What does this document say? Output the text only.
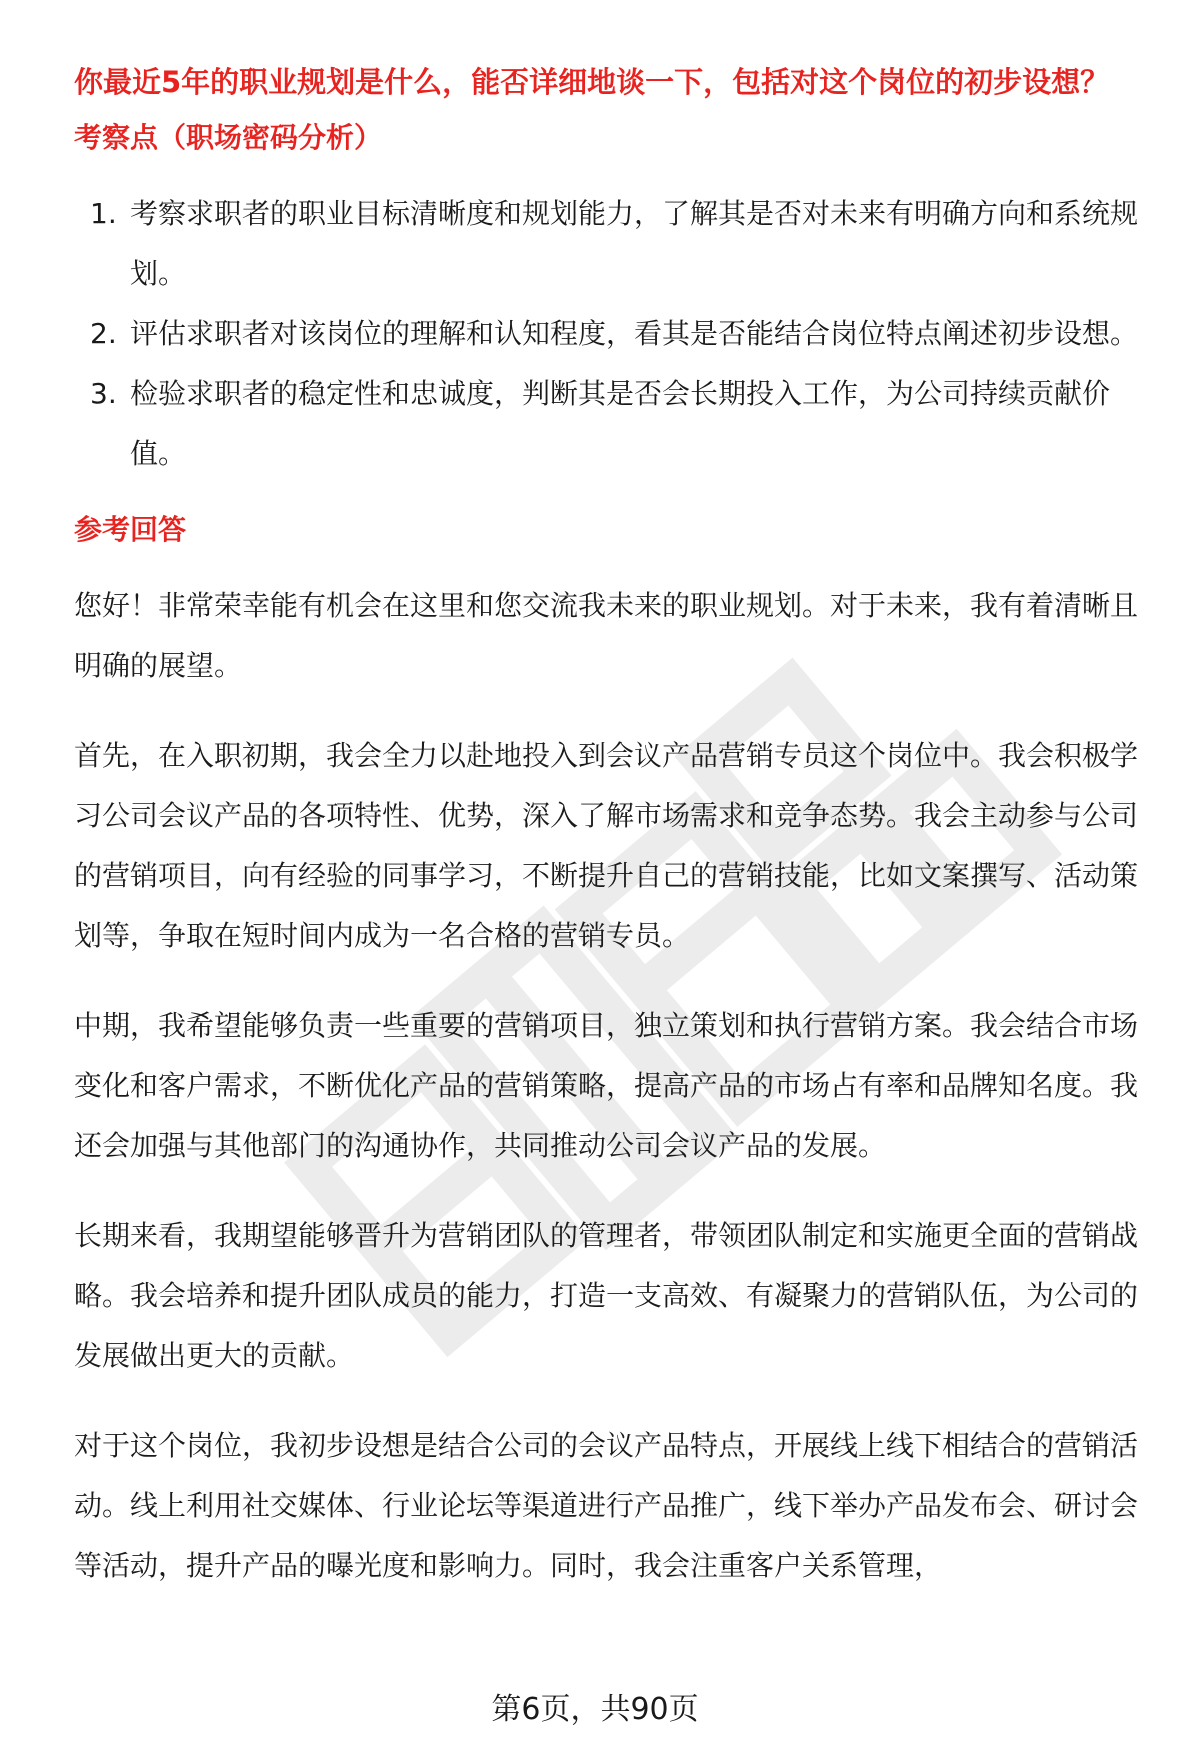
你最近5年的职业规划是什么，能否详细地谈一下，包括对这个岗位的初步设想？

考察点（职场密码分析）

1. 考察求职者的职业目标清晰度和规划能力，了解其是否对未来有明确方向和系统规划。
2. 评估求职者对该岗位的理解和认知程度，看其是否能结合岗位特点阐述初步设想。
3. 检验求职者的稳定性和忠诚度，判断其是否会长期投入工作，为公司持续贡献价值。

参考回答

您好！非常荣幸能有机会在这里和您交流我未来的职业规划。对于未来，我有着清晰且明确的展望。

首先，在入职初期，我会全力以赴地投入到会议产品营销专员这个岗位中。我会积极学习公司会议产品的各项特性、优势，深入了解市场需求和竞争态势。我会主动参与公司的营销项目，向有经验的同事学习，不断提升自己的营销技能，比如文案撰写、活动策划等，争取在短时间内成为一名合格的营销专员。

中期，我希望能够负责一些重要的营销项目，独立策划和执行营销方案。我会结合市场变化和客户需求，不断优化产品的营销策略，提高产品的市场占有率和品牌知名度。我还会加强与其他部门的沟通协作，共同推动公司会议产品的发展。

长期来看，我期望能够晋升为营销团队的管理者，带领团队制定和实施更全面的营销战略。我会培养和提升团队成员的能力，打造一支高效、有凝聚力的营销队伍，为公司的发展做出更大的贡献。

对于这个岗位，我初步设想是结合公司的会议产品特点，开展线上线下相结合的营销活动。线上利用社交媒体、行业论坛等渠道进行产品推广，线下举办产品发布会、研讨会等活动，提升产品的曝光度和影响力。同时，我会注重客户关系管理，

第6页，共90页
